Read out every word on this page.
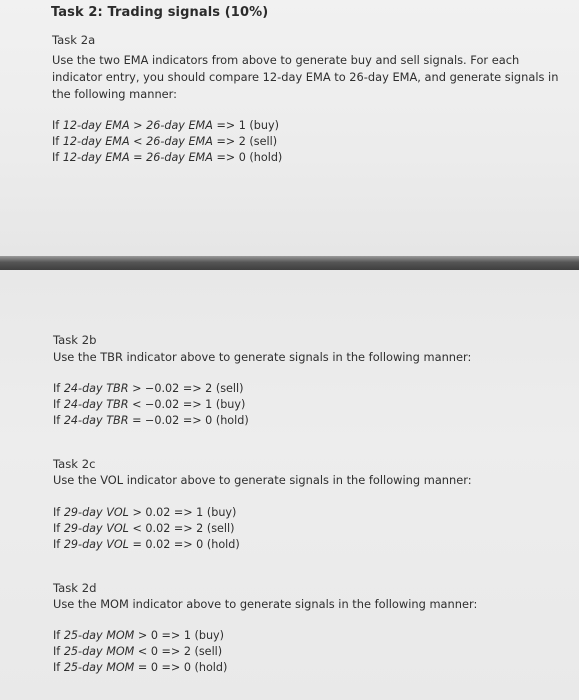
Task 2: Trading signals (10%)
Task 2a
Use the two EMA indicators from above to generate buy and sell signals. For each indicator entry, you should compare 12-day EMA to 26-day EMA, and generate signals in the following manner:
If 12-day EMA > 26-day EMA => 1 (buy)
If 12-day EMA < 26-day EMA => 2 (sell)
If 12-day EMA = 26-day EMA => 0 (hold)
Task 2b
Use the TBR indicator above to generate signals in the following manner:
If 24-day TBR > −0.02 => 2 (sell)
If 24-day TBR < −0.02 => 1 (buy)
If 24-day TBR = −0.02 => 0 (hold)
Task 2c
Use the VOL indicator above to generate signals in the following manner:
If 29-day VOL > 0.02 => 1 (buy)
If 29-day VOL < 0.02 => 2 (sell)
If 29-day VOL = 0.02 => 0 (hold)
Task 2d
Use the MOM indicator above to generate signals in the following manner:
If 25-day MOM > 0 => 1 (buy)
If 25-day MOM < 0 => 2 (sell)
If 25-day MOM = 0 => 0 (hold)
